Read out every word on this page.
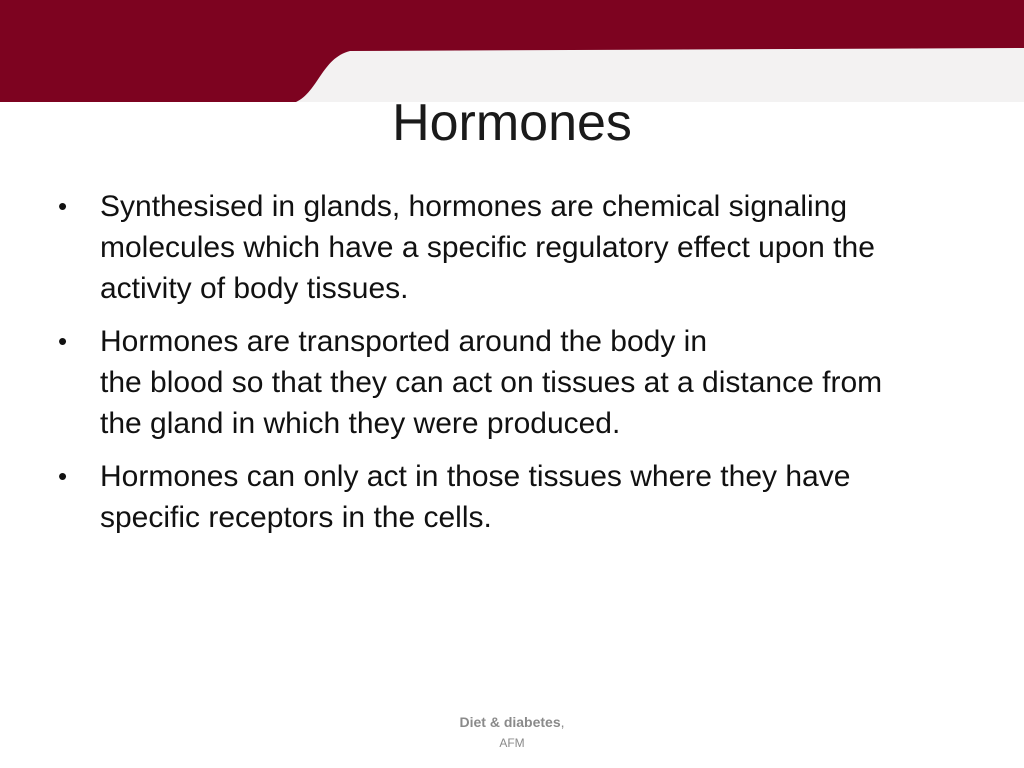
Hormones
• Synthesised in glands, hormones are chemical signaling
molecules which have a specific regulatory effect upon the
activity of body tissues.
• Hormones are transported around the body in
the blood so that they can act on tissues at a distance from
the gland in which they were produced.
• Hormones can only act in those tissues where they have
specific receptors in the cells.
Diet & diabetes,
AFM
